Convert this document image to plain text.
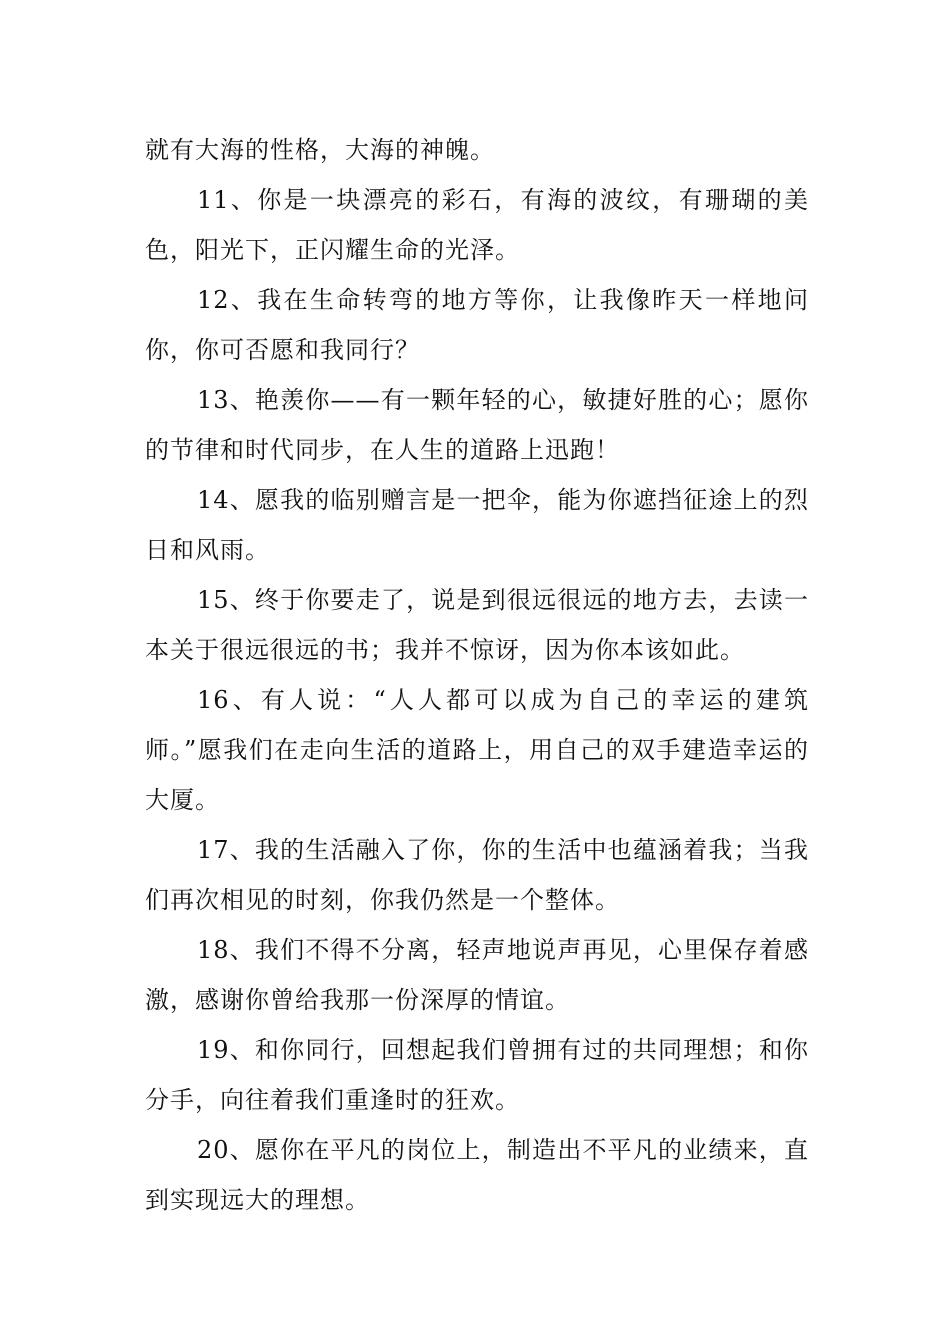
就有大海的性格，大海的神魄。

11、你是一块漂亮的彩石，有海的波纹，有珊瑚的美色，阳光下，正闪耀生命的光泽。

12、我在生命转弯的地方等你，让我像昨天一样地问你，你可否愿和我同行？

13、艳羡你——有一颗年轻的心，敏捷好胜的心；愿你的节律和时代同步，在人生的道路上迅跑！

14、愿我的临别赠言是一把伞，能为你遮挡征途上的烈日和风雨。

15、终于你要走了，说是到很远很远的地方去，去读一本关于很远很远的书；我并不惊讶，因为你本该如此。

16、有人说：“人人都可以成为自己的幸运的建筑师。”愿我们在走向生活的道路上，用自己的双手建造幸运的大厦。

17、我的生活融入了你，你的生活中也蕴涵着我；当我们再次相见的时刻，你我仍然是一个整体。

18、我们不得不分离，轻声地说声再见，心里保存着感激，感谢你曾给我那一份深厚的情谊。

19、和你同行，回想起我们曾拥有过的共同理想；和你分手，向往着我们重逢时的狂欢。

20、愿你在平凡的岗位上，制造出不平凡的业绩来，直到实现远大的理想。
